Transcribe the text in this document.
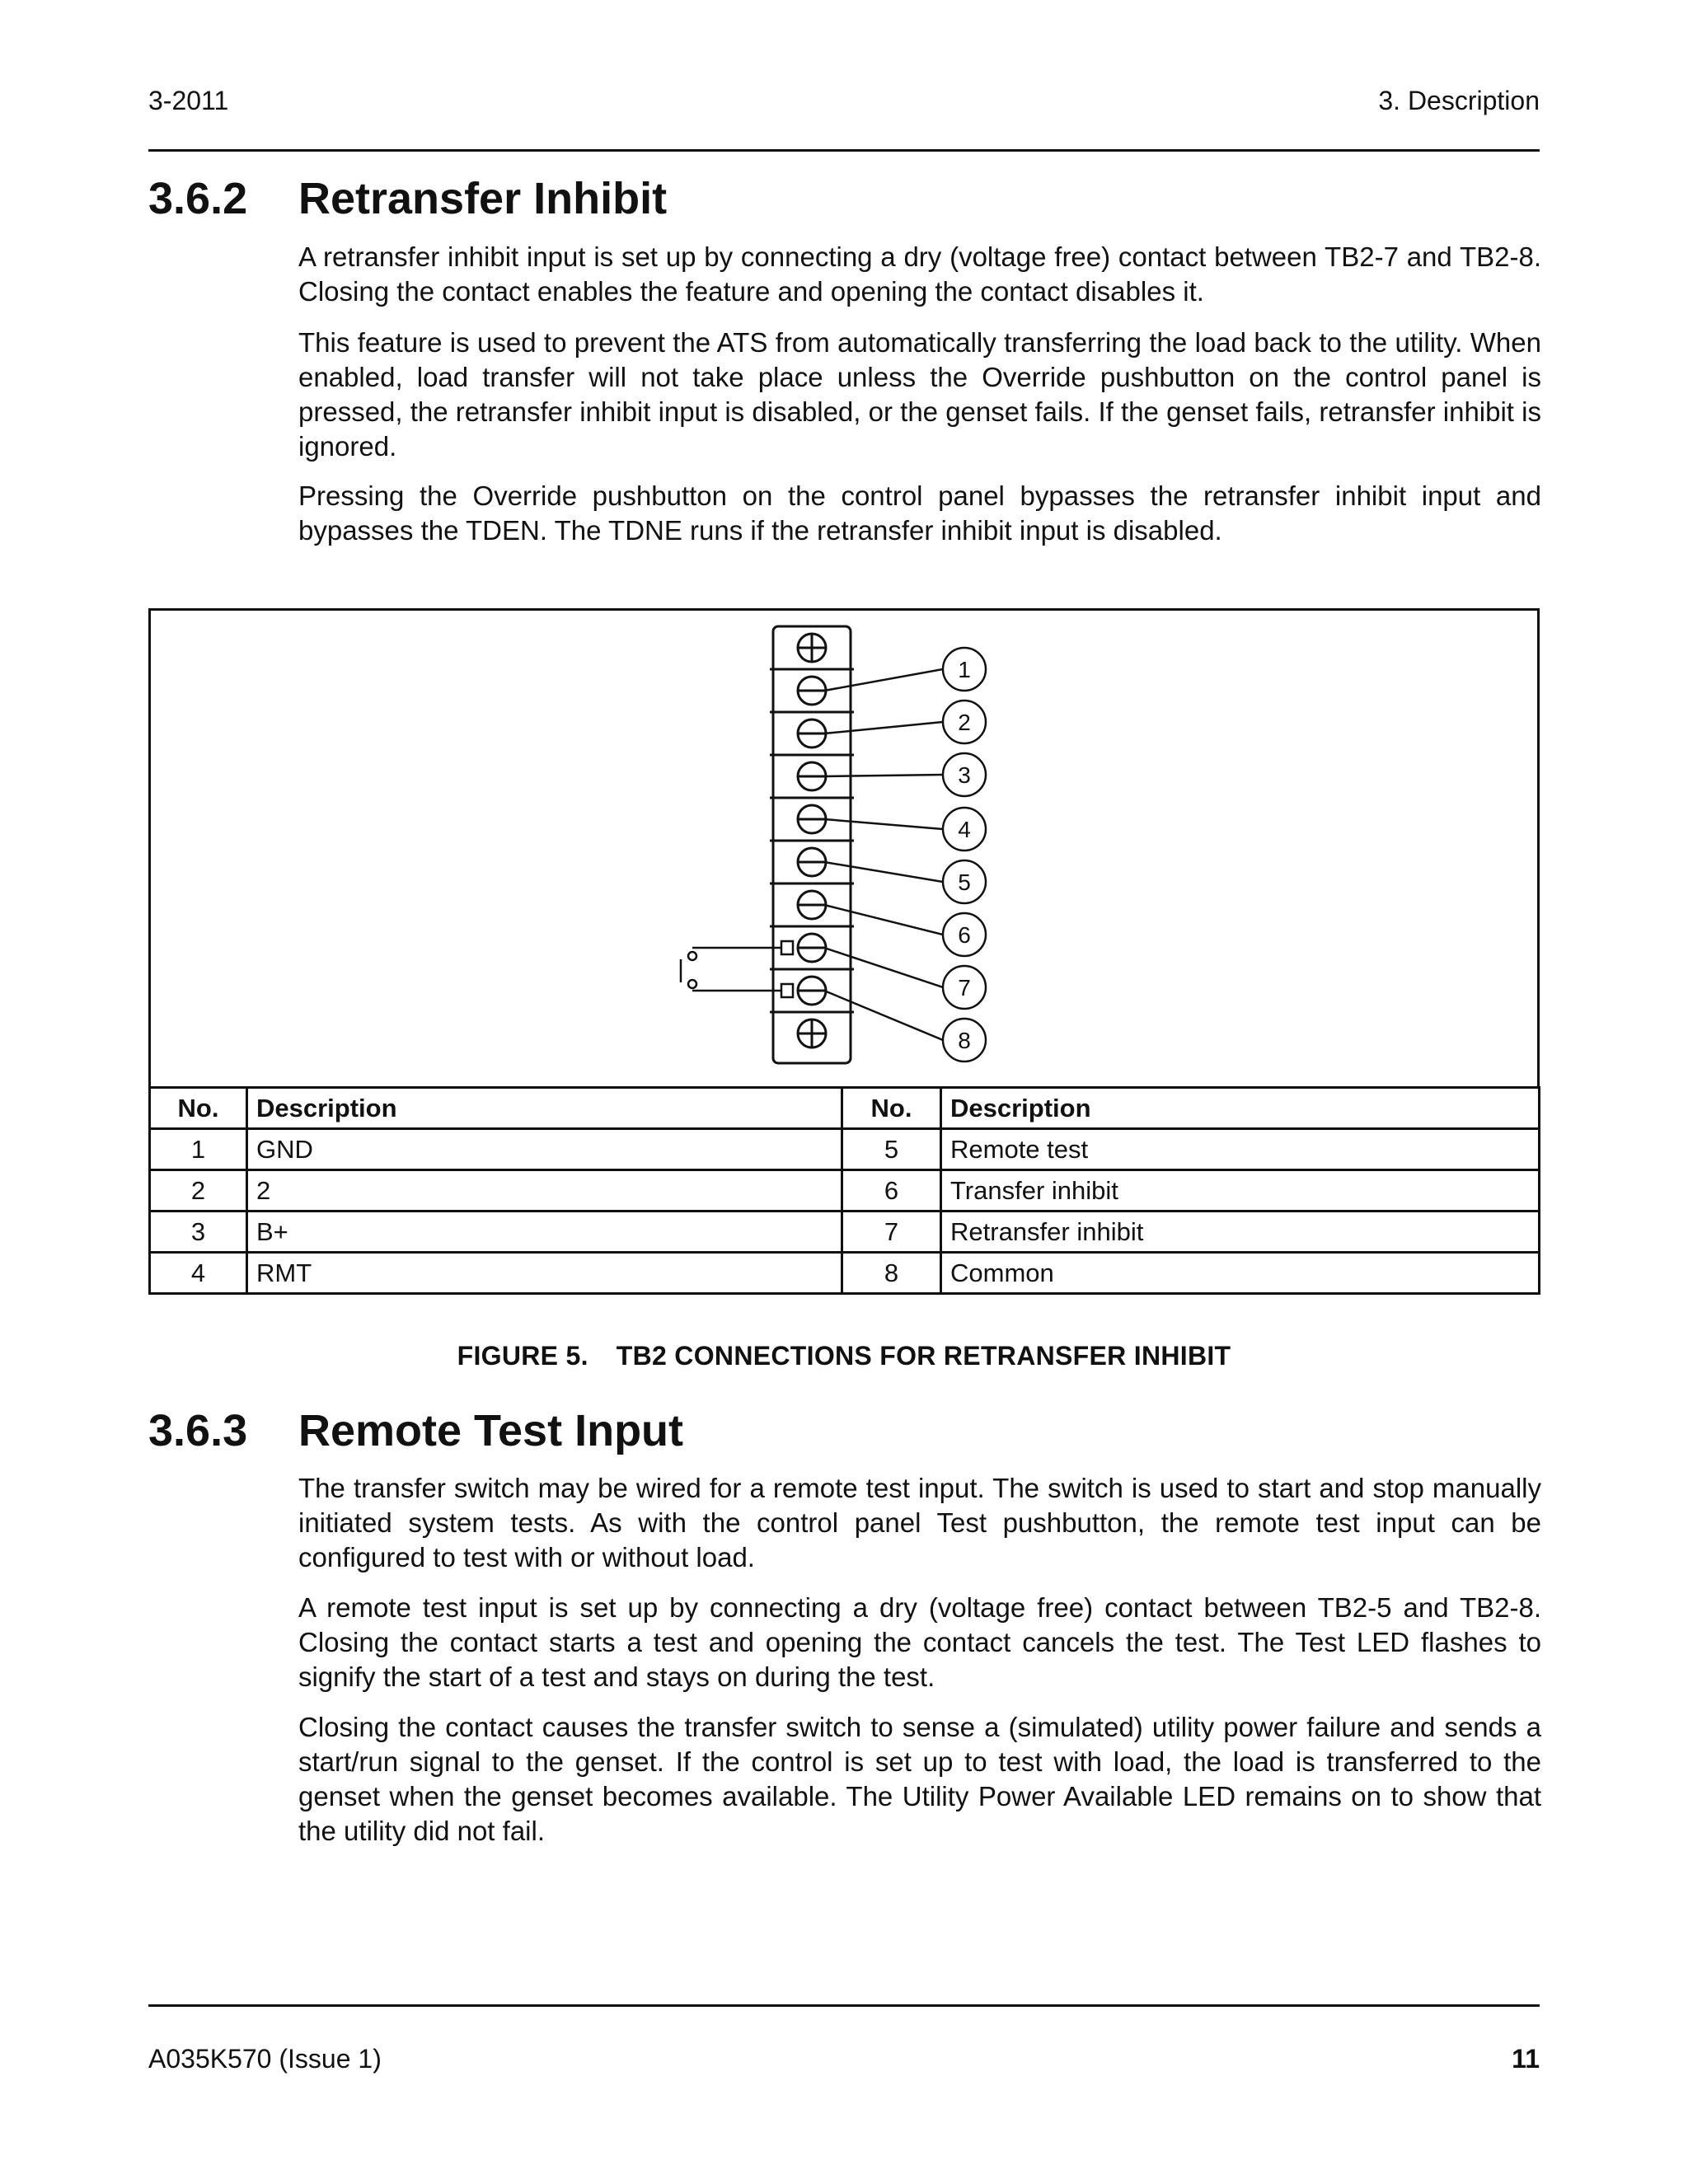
3-2011	3. Description
3.6.2 Retransfer Inhibit

A retransfer inhibit input is set up by connecting a dry (voltage free) contact between TB2-7 and TB2-8. Closing the contact enables the feature and opening the contact disables it.

This feature is used to prevent the ATS from automatically transferring the load back to the utility. When enabled, load transfer will not take place unless the Override pushbutton on the control panel is pressed, the retransfer inhibit input is disabled, or the genset fails. If the genset fails, retransfer inhibit is ignored.

Pressing the Override pushbutton on the control panel bypasses the retransfer inhibit input and bypasses the TDEN. The TDNE runs if the retransfer inhibit input is disabled.

1
2
3
4
5
6
7
8
No.	Description	No.	Description
1	GND	5	Remote test
2	2	6	Transfer inhibit
3	B+	7	Retransfer inhibit
4	RMT	8	Common
FIGURE 5. TB2 CONNECTIONS FOR RETRANSFER INHIBIT
3.6.3 Remote Test Input

The transfer switch may be wired for a remote test input. The switch is used to start and stop manually initiated system tests. As with the control panel Test pushbutton, the remote test input can be configured to test with or without load.

A remote test input is set up by connecting a dry (voltage free) contact between TB2-5 and TB2-8. Closing the contact starts a test and opening the contact cancels the test. The Test LED flashes to signify the start of a test and stays on during the test.

Closing the contact causes the transfer switch to sense a (simulated) utility power failure and sends a start/run signal to the genset. If the control is set up to test with load, the load is transferred to the genset when the genset becomes available. The Utility Power Available LED remains on to show that the utility did not fail.

A035K570 (Issue 1)	11
